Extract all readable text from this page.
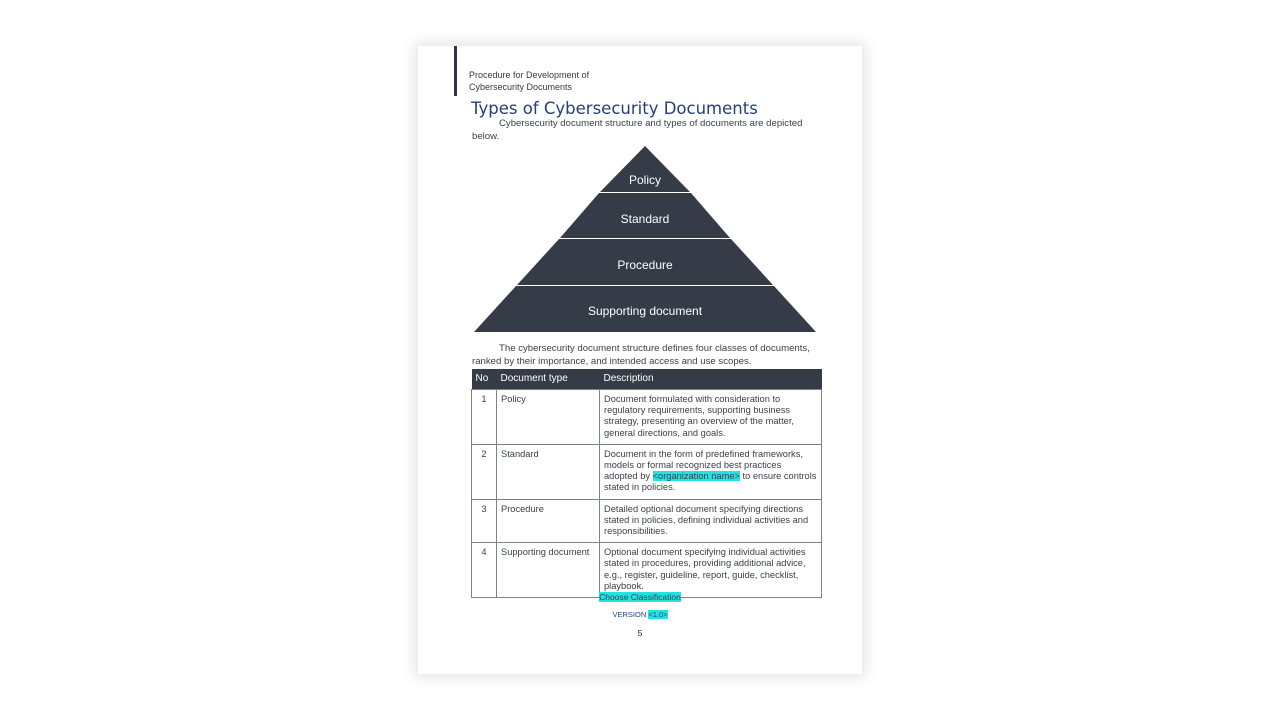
Procedure for Development of
Cybersecurity Documents
Types of Cybersecurity Documents
Cybersecurity document structure and types of documents are depicted below.
Policy
Standard
Procedure
Supporting document
The cybersecurity document structure defines four classes of documents, ranked by their importance, and intended access and use scopes.
No	Document type	Description
1	Policy	Document formulated with consideration to regulatory requirements, supporting business strategy, presenting an overview of the matter, general directions, and goals.
2	Standard	Document in the form of predefined frameworks, models or formal recognized best practices adopted by <organization name> to ensure controls stated in policies.
3	Procedure	Detailed optional document specifying directions stated in policies, defining individual activities and responsibilities.
4	Supporting document	Optional document specifying individual activities stated in procedures, providing additional advice, e.g., register, guideline, report, guide, checklist, playbook.
Choose Classification
VERSION <1.0>
5
